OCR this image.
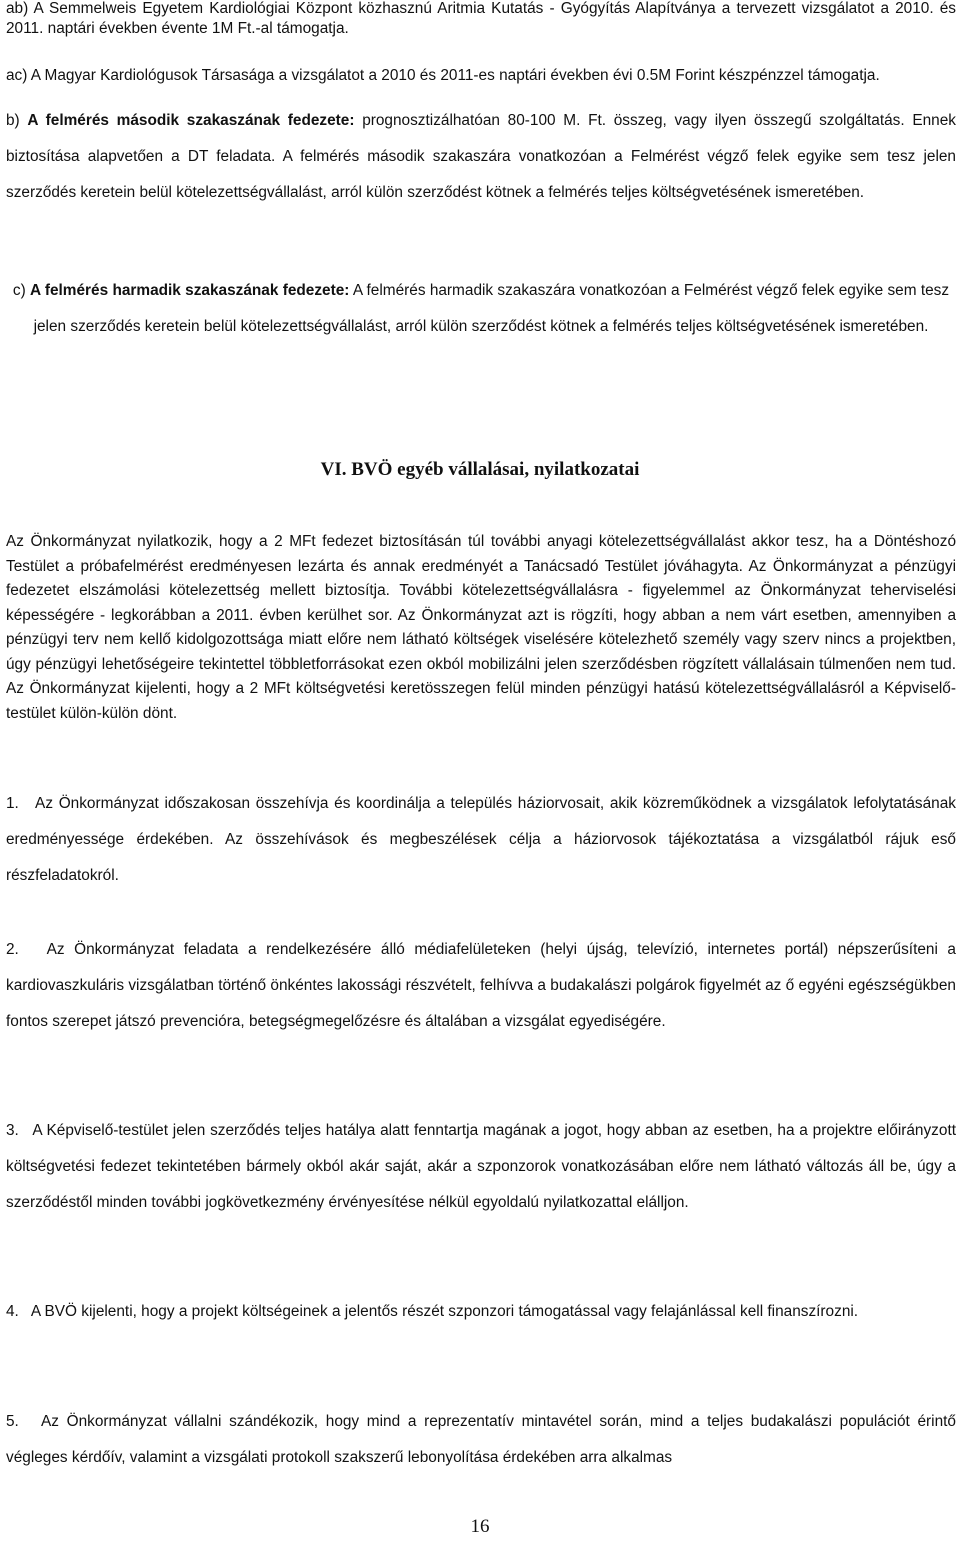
ab) A Semmelweis Egyetem Kardiológiai Központ közhasznú Aritmia Kutatás - Gyógyítás Alapítványa a tervezett vizsgálatot a 2010. és 2011. naptári években évente 1M Ft.-al támogatja.

ac) A Magyar Kardiológusok Társasága a vizsgálatot a 2010 és 2011-es naptári években évi 0.5M Forint készpénzzel támogatja.

b) A felmérés második szakaszának fedezete: prognosztizálhatóan 80-100 M. Ft. összeg, vagy ilyen összegű szolgáltatás. Ennek biztosítása alapvetően a DT feladata. A felmérés második szakaszára vonatkozóan a Felmérést végző felek egyike sem tesz jelen szerződés keretein belül kötelezettségvállalást, arról külön szerződést kötnek a felmérés teljes költségvetésének ismeretében.

c) A felmérés harmadik szakaszának fedezete: A felmérés harmadik szakaszára vonatkozóan a Felmérést végző felek egyike sem tesz jelen szerződés keretein belül kötelezettségvállalást, arról külön szerződést kötnek a felmérés teljes költségvetésének ismeretében.

VI. BVÖ egyéb vállalásai, nyilatkozatai

Az Önkormányzat nyilatkozik, hogy a 2 MFt fedezet biztosításán túl további anyagi kötelezettségvállalást akkor tesz, ha a Döntéshozó Testület a próbafelmérést eredményesen lezárta és annak eredményét a Tanácsadó Testület jóváhagyta. Az Önkormányzat a pénzügyi fedezetet elszámolási kötelezettség mellett biztosítja. További kötelezettségvállalásra - figyelemmel az Önkormányzat teherviselési képességére - legkorábban a 2011. évben kerülhet sor. Az Önkormányzat azt is rögzíti, hogy abban a nem várt esetben, amennyiben a pénzügyi terv nem kellő kidolgozottsága miatt előre nem látható költségek viselésére kötelezhető személy vagy szerv nincs a projektben, úgy pénzügyi lehetőségeire tekintettel többletforrásokat ezen okból mobilizálni jelen szerződésben rögzített vállalásain túlmenően nem tud. Az Önkormányzat kijelenti, hogy a 2 MFt költségvetési keretösszegen felül minden pénzügyi hatású kötelezettségvállalásról a Képviselő-testület külön-külön dönt.

1.   Az Önkormányzat időszakosan összehívja és koordinálja a település háziorvosait, akik közreműködnek a vizsgálatok lefolytatásának eredményessége érdekében. Az összehívások és megbeszélések célja a háziorvosok tájékoztatása a vizsgálatból rájuk eső részfeladatokról.

2.   Az Önkormányzat feladata a rendelkezésére álló médiafelületeken (helyi újság, televízió, internetes portál) népszerűsíteni a kardiovaszkuláris vizsgálatban történő önkéntes lakossági részvételt, felhívva a budakalászi polgárok figyelmét az ő egyéni egészségükben fontos szerepet játszó prevencióra, betegségmegelőzésre és általában a vizsgálat egyediségére.

3.   A Képviselő-testület jelen szerződés teljes hatálya alatt fenntartja magának a jogot, hogy abban az esetben, ha a projektre előirányzott költségvetési fedezet tekintetében bármely okból akár saját, akár a szponzorok vonatkozásában előre nem látható változás áll be, úgy a szerződéstől minden további jogkövetkezmény érvényesítése nélkül egyoldalú nyilatkozattal elálljon.

4.   A BVÖ kijelenti, hogy a projekt költségeinek a jelentős részét szponzori támogatással vagy felajánlással kell finanszírozni.

5.   Az Önkormányzat vállalni szándékozik, hogy mind a reprezentatív mintavétel során, mind a teljes budakalászi populációt érintő végleges kérdőív, valamint a vizsgálati protokoll szakszerű lebonyolítása érdekében arra alkalmas

16
